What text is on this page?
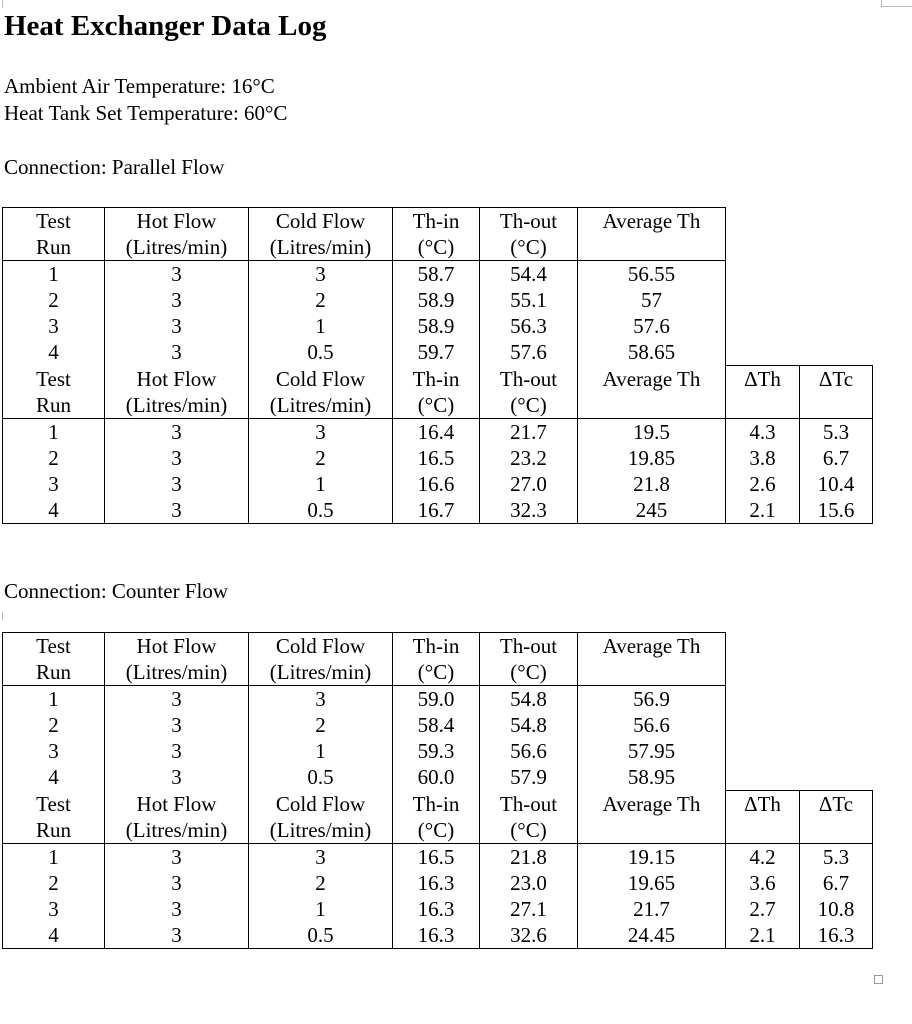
Heat Exchanger Data Log
Ambient Air Temperature: 16°C
Heat Tank Set Temperature: 60°C
Connection: Parallel Flow
Test	Hot Flow	Cold Flow	Th-in	Th-out	Average Th		
Run	(Litres/min)	(Litres/min)	(°C)	(°C)			
1	3	3	58.7	54.4	56.55		
2	3	2	58.9	55.1	57		
3	3	1	58.9	56.3	57.6		
4	3	0.5	59.7	57.6	58.65		
Test	Hot Flow	Cold Flow	Th-in	Th-out	Average Th	ΔTh	ΔTc
Run	(Litres/min)	(Litres/min)	(°C)	(°C)			
1	3	3	16.4	21.7	19.5	4.3	5.3
2	3	2	16.5	23.2	19.85	3.8	6.7
3	3	1	16.6	27.0	21.8	2.6	10.4
4	3	0.5	16.7	32.3	245	2.1	15.6
Connection: Counter Flow
Test	Hot Flow	Cold Flow	Th-in	Th-out	Average Th		
Run	(Litres/min)	(Litres/min)	(°C)	(°C)			
1	3	3	59.0	54.8	56.9		
2	3	2	58.4	54.8	56.6		
3	3	1	59.3	56.6	57.95		
4	3	0.5	60.0	57.9	58.95		
Test	Hot Flow	Cold Flow	Th-in	Th-out	Average Th	ΔTh	ΔTc
Run	(Litres/min)	(Litres/min)	(°C)	(°C)			
1	3	3	16.5	21.8	19.15	4.2	5.3
2	3	2	16.3	23.0	19.65	3.6	6.7
3	3	1	16.3	27.1	21.7	2.7	10.8
4	3	0.5	16.3	32.6	24.45	2.1	16.3
